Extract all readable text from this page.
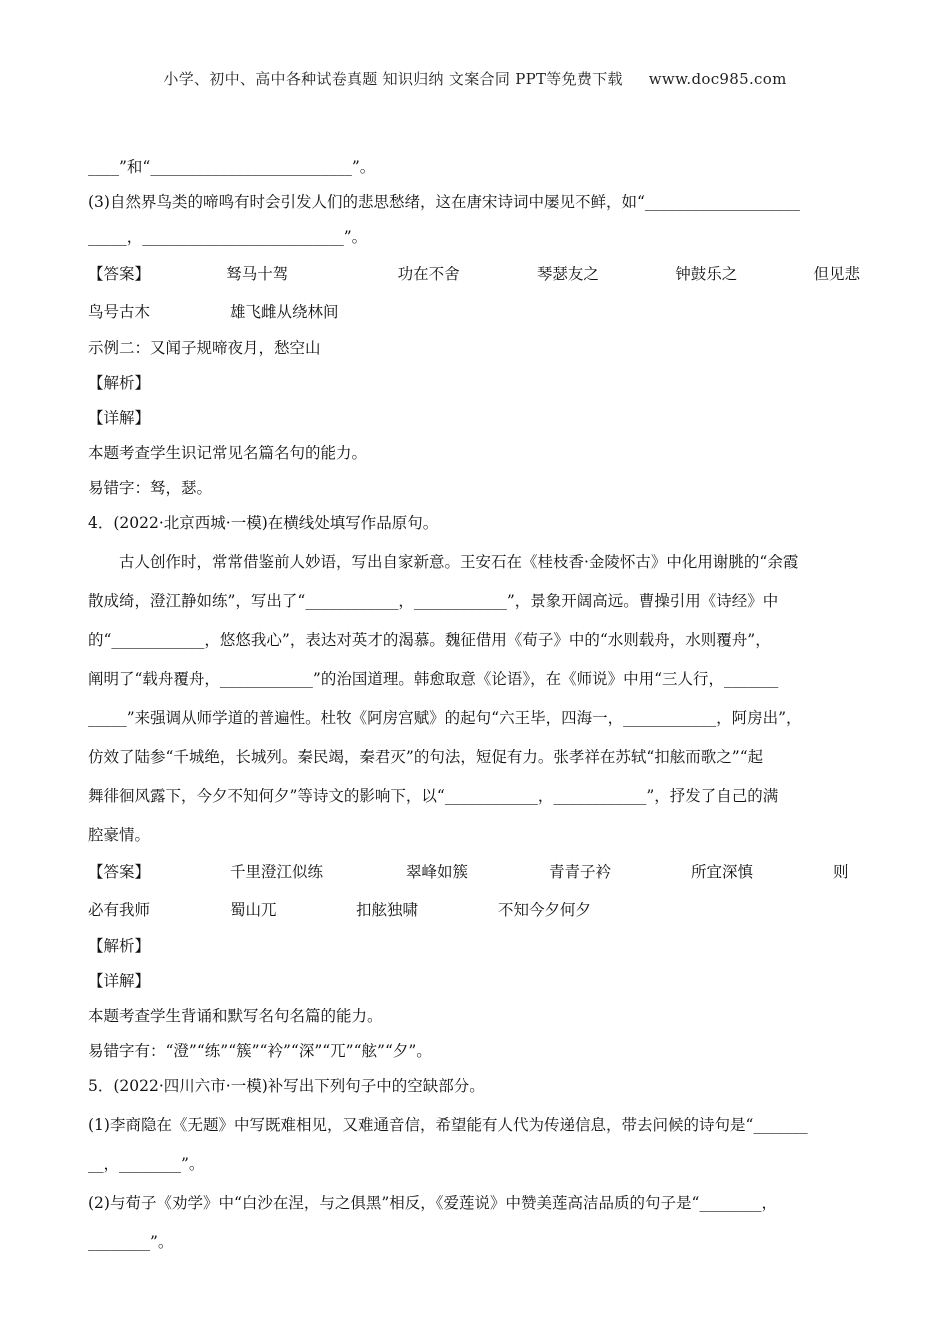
小学、初中、高中各种试卷真题 知识归纳 文案合同 PPT等免费下载 www.doc985.com
____”和“__________________________”。
(3)自然界鸟类的啼鸣有时会引发人们的悲思愁绪，这在唐宋诗词中屡见不鲜，如“____________________
_____，__________________________”。
【答案】	驽马十驾	功在不舍	琴瑟友之	钟鼓乐之	但见悲
鸟号古木	雄飞雌从绕林间
示例二：又闻子规啼夜月，愁空山
【解析】
【详解】
本题考查学生识记常见名篇名句的能力。
易错字：驽，瑟。
4．(2022·北京西城·一模)在横线处填写作品原句。
古人创作时，常常借鉴前人妙语，写出自家新意。王安石在《桂枝香·金陵怀古》中化用谢朓的“余霞
散成绮，澄江静如练”，写出了“____________，____________”，景象开阔高远。曹操引用《诗经》中
的“____________，悠悠我心”，表达对英才的渴慕。魏征借用《荀子》中的“水则载舟，水则覆舟”，
阐明了“载舟覆舟，____________”的治国道理。韩愈取意《论语》，在《师说》中用“三人行，_______
_____”来强调从师学道的普遍性。杜牧《阿房宫赋》的起句“六王毕，四海一，____________，阿房出”，
仿效了陆参“千城绝，长城列。秦民竭，秦君灭”的句法，短促有力。张孝祥在苏轼“扣舷而歌之”“起
舞徘徊风露下，今夕不知何夕”等诗文的影响下，以“____________，____________”，抒发了自己的满
腔豪情。
【答案】	千里澄江似练	翠峰如簇	青青子衿	所宜深慎	则
必有我师	蜀山兀	扣舷独啸	不知今夕何夕
【解析】
【详解】
本题考查学生背诵和默写名句名篇的能力。
易错字有：“澄”“练”“簇”“衿”“深”“兀”“舷”“夕”。
5．(2022·四川六市·一模)补写出下列句子中的空缺部分。
(1)李商隐在《无题》中写既难相见，又难通音信，希望能有人代为传递信息，带去问候的诗句是“_______
__，________”。
(2)与荀子《劝学》中“白沙在涅，与之俱黑”相反，《爱莲说》中赞美莲高洁品质的句子是“________，
________”。
